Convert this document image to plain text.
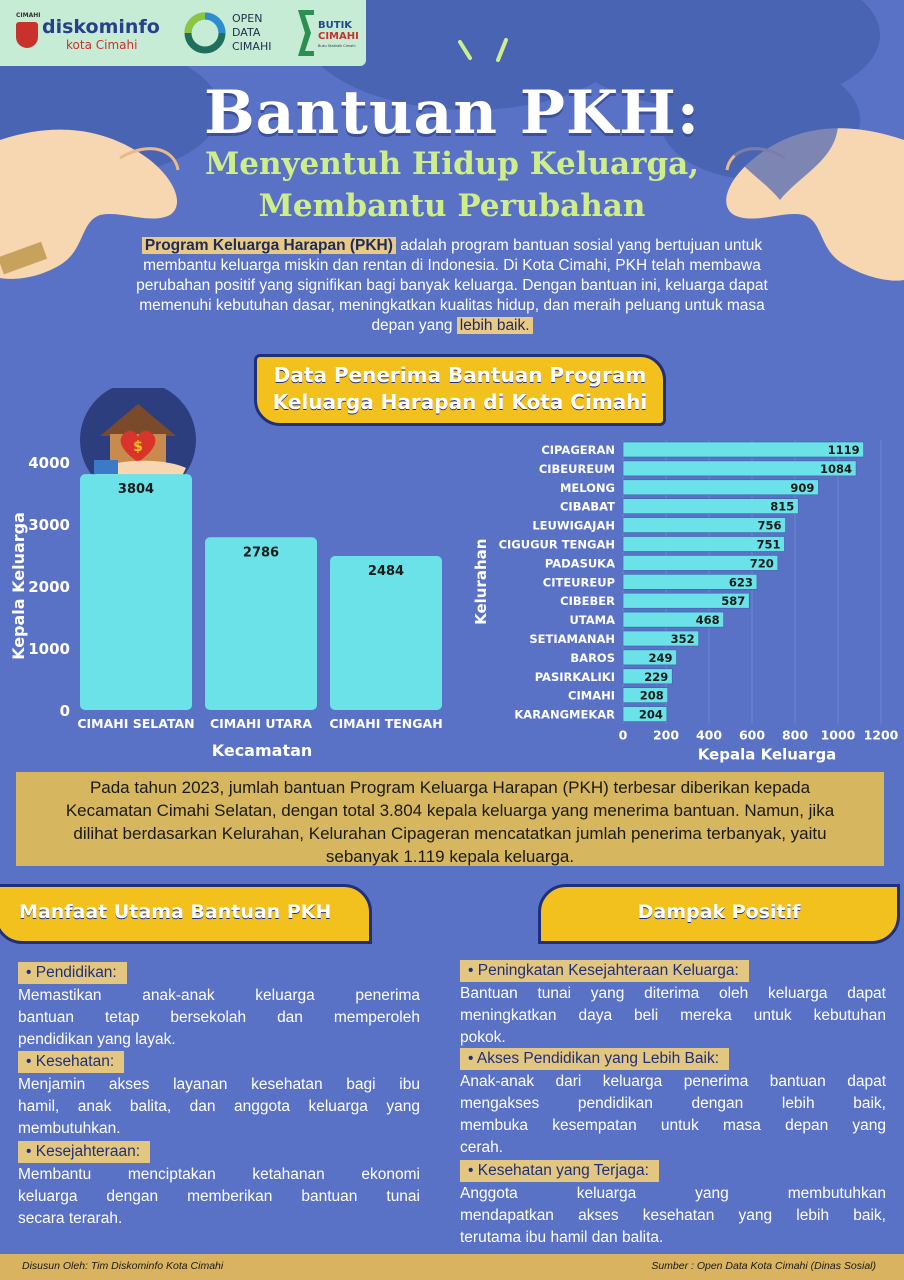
CIMAHI
diskominfo
kota Cimahi
OPEN
DATA
CIMAHI
BUTIK
CIMAHI
Buku Statistik Cimahi
Bantuan PKH:
Menyentuh Hidup Keluarga,
Membantu Perubahan
Program Keluarga Harapan (PKH) adalah program bantuan sosial yang bertujuan untuk
membantu keluarga miskin dan rentan di Indonesia. Di Kota Cimahi, PKH telah membawa
perubahan positif yang signifikan bagi banyak keluarga. Dengan bantuan ini, keluarga dapat
memenuhi kebutuhan dasar, meningkatkan kualitas hidup, dan meraih peluang untuk masa
depan yang lebih baik.
Data Penerima Bantuan Program
Keluarga Harapan di Kota Cimahi
$
0
1000
2000
3000
4000
3804
CIMAHI SELATAN
2786
CIMAHI UTARA
2484
CIMAHI TENGAH
Kecamatan
Kepala Keluarga
0 200 400 600 800 1000 1200
1119
CIPAGERAN
1084
CIBEUREUM
909
MELONG
815
CIBABAT
756
LEUWIGAJAH
751
CIGUGUR TENGAH
720
PADASUKA
623
CITEUREUP
587
CIBEBER
468
UTAMA
352
SETIAMANAH
249
BAROS
229
PASIRKALIKI
208
CIMAHI
204
KARANGMEKAR
Kepala Keluarga
Kelurahan
Pada tahun 2023, jumlah bantuan Program Keluarga Harapan (PKH) terbesar diberikan kepada
Kecamatan Cimahi Selatan, dengan total 3.804 kepala keluarga yang menerima bantuan. Namun, jika
dilihat berdasarkan Kelurahan, Kelurahan Cipageran mencatatkan jumlah penerima terbanyak, yaitu
sebanyak 1.119 kepala keluarga.
Manfaat Utama Bantuan PKH	Dampak Positif
• Pendidikan:
Memastikan anak-anak keluarga penerima
bantuan tetap bersekolah dan memperoleh
pendidikan yang layak.
• Kesehatan:
Menjamin akses layanan kesehatan bagi ibu
hamil, anak balita, dan anggota keluarga yang
membutuhkan.
• Kesejahteraan:
Membantu menciptakan ketahanan ekonomi
keluarga dengan memberikan bantuan tunai
secara terarah.
• Peningkatan Kesejahteraan Keluarga:
Bantuan tunai yang diterima oleh keluarga dapat
meningkatkan daya beli mereka untuk kebutuhan
pokok.
• Akses Pendidikan yang Lebih Baik:
Anak-anak dari keluarga penerima bantuan dapat
mengakses pendidikan dengan lebih baik,
membuka kesempatan untuk masa depan yang
cerah.
• Kesehatan yang Terjaga:
Anggota keluarga yang membutuhkan
mendapatkan akses kesehatan yang lebih baik,
terutama ibu hamil dan balita.
Disusun Oleh: Tim Diskominfo Kota Cimahi	Sumber : Open Data Kota Cimahi (Dinas Sosial)
